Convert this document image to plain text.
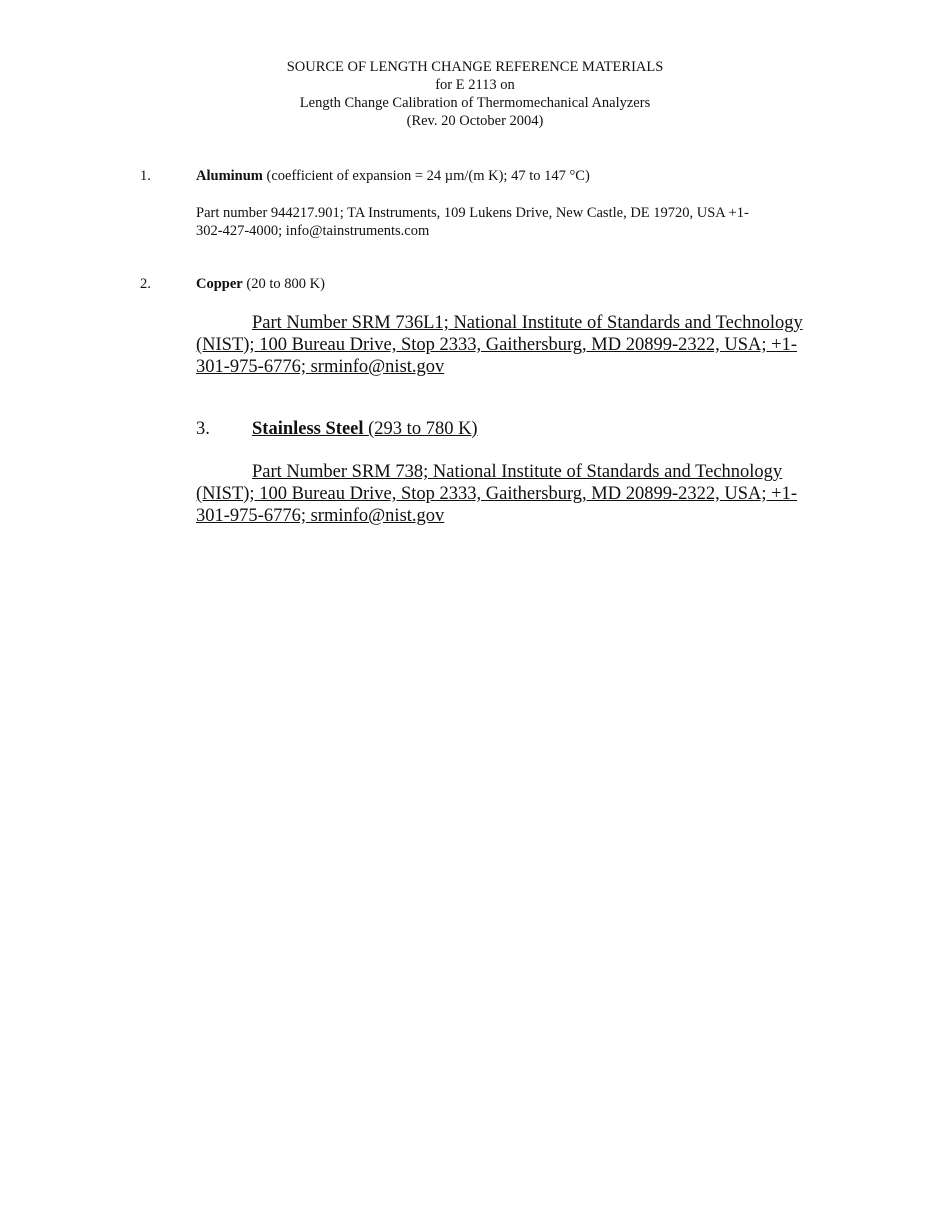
SOURCE OF LENGTH CHANGE REFERENCE MATERIALS
for E 2113 on
Length Change Calibration of Thermomechanical Analyzers
(Rev. 20 October 2004)
1.	Aluminum (coefficient of expansion = 24 µm/(m K); 47 to 147 °C)
Part number 944217.901; TA Instruments, 109 Lukens Drive, New Castle, DE 19720, USA +1-
302-427-4000; info@tainstruments.com
2.	Copper (20 to 800 K)
Part Number SRM 736L1; National Institute of Standards and Technology
(NIST); 100 Bureau Drive, Stop 2333, Gaithersburg, MD 20899-2322, USA; +1-
301-975-6776; srminfo@nist.gov
3. Stainless Steel (293 to 780 K)
Part Number SRM 738; National Institute of Standards and Technology
(NIST); 100 Bureau Drive, Stop 2333, Gaithersburg, MD 20899-2322, USA; +1-
301-975-6776; srminfo@nist.gov
